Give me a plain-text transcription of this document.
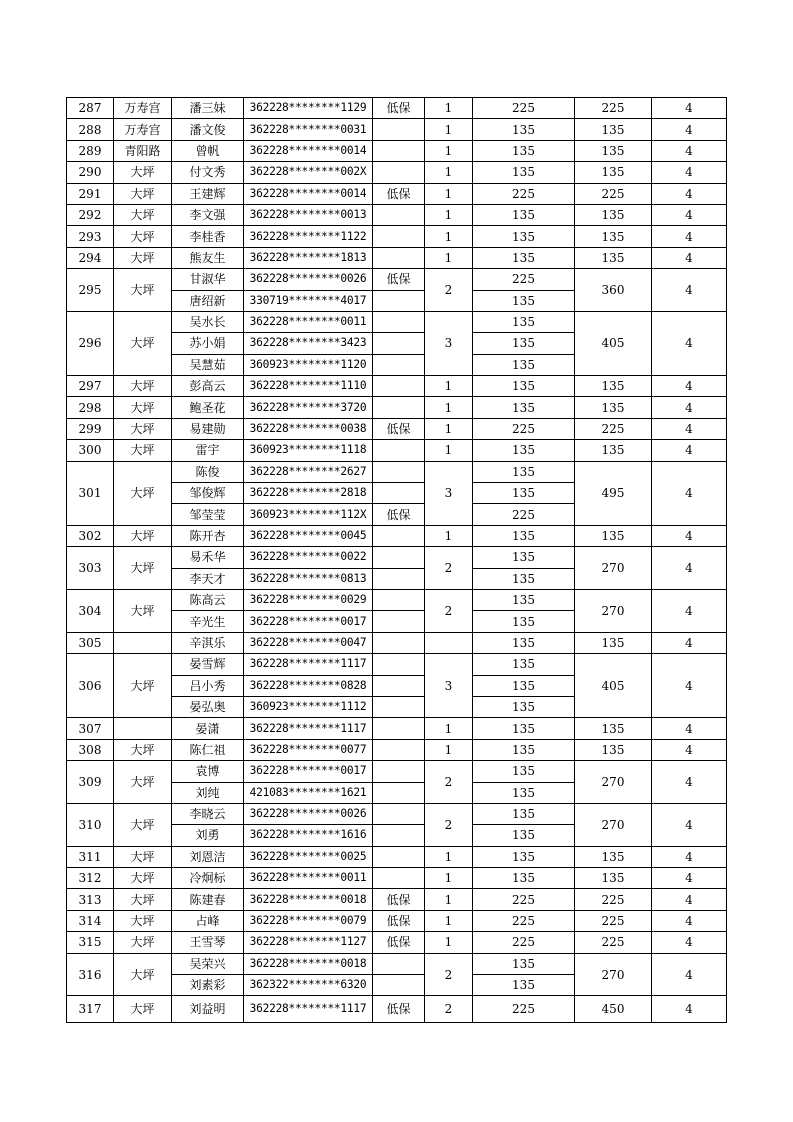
287	万寿宫	潘三妹	362228********1129	低保	1	225	225	4
288	万寿宫	潘文俊	362228********0031		1	135	135	4
289	青阳路	曾帆	362228********0014		1	135	135	4
290	大坪	付文秀	362228********002X		1	135	135	4
291	大坪	王建辉	362228********0014	低保	1	225	225	4
292	大坪	李文强	362228********0013		1	135	135	4
293	大坪	李桂香	362228********1122		1	135	135	4
294	大坪	熊友生	362228********1813		1	135	135	4
295	大坪	甘淑华	362228********0026	低保	2	225	360	4
		唐绍新	330719********4017			135		
296	大坪	吴水长	362228********0011		3	135	405	4
		苏小娟	362228********3423			135		
		吴慧茹	360923********1120			135		
297	大坪	彭高云	362228********1110		1	135	135	4
298	大坪	鲍圣花	362228********3720		1	135	135	4
299	大坪	易建勋	362228********0038	低保	1	225	225	4
300	大坪	雷宇	360923********1118		1	135	135	4
301	大坪	陈俊	362228********2627		3	135	495	4
		邹俊辉	362228********2818			135		
		邹莹莹	360923********112X	低保		225		
302	大坪	陈开杏	362228********0045		1	135	135	4
303	大坪	易禾华	362228********0022		2	135	270	4
		李天才	362228********0813			135		
304	大坪	陈高云	362228********0029		2	135	270	4
		辛光生	362228********0017			135		
305		辛淇乐	362228********0047			135	135	4
306	大坪	晏雪辉	362228********1117		3	135	405	4
		吕小秀	362228********0828			135		
		晏弘奥	360923********1112			135		
307		晏潇	362228********1117		1	135	135	4
308	大坪	陈仁祖	362228********0077		1	135	135	4
309	大坪	袁博	362228********0017		2	135	270	4
		刘纯	421083********1621			135		
310	大坪	李晓云	362228********0026		2	135	270	4
		刘勇	362228********1616			135		
311	大坪	刘恩洁	362228********0025		1	135	135	4
312	大坪	冷炯标	362228********0011		1	135	135	4
313	大坪	陈建春	362228********0018	低保	1	225	225	4
314	大坪	占峰	362228********0079	低保	1	225	225	4
315	大坪	王雪琴	362228********1127	低保	1	225	225	4
316	大坪	吴荣兴	362228********0018		2	135	270	4
		刘素彩	362322********6320			135		
317	大坪	刘益明	362228********1117	低保	2	225	450	4
